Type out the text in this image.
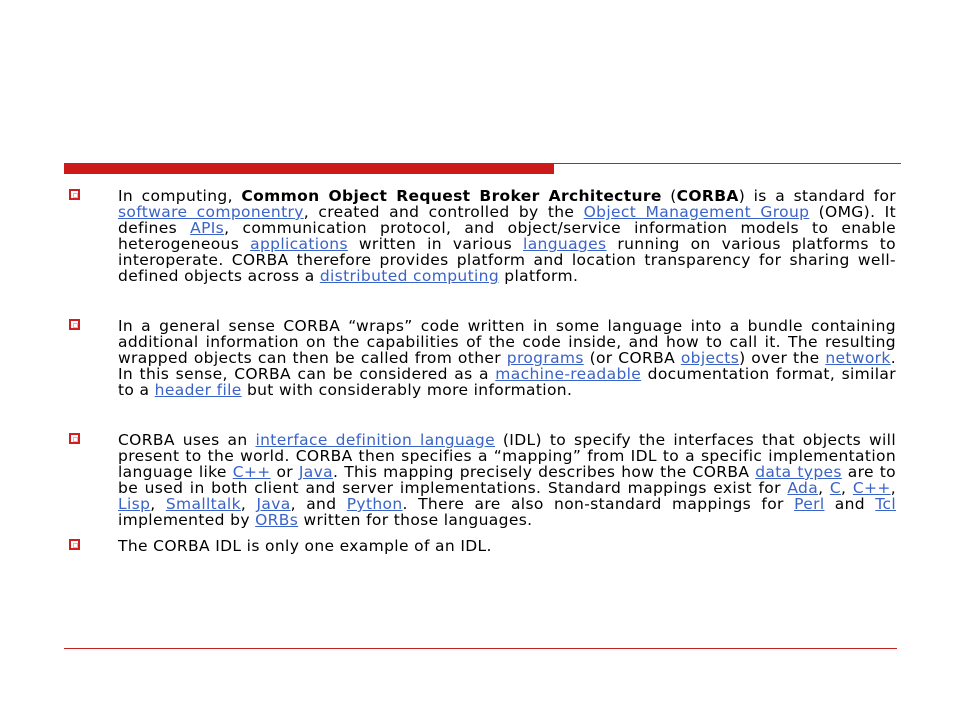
In computing, Common Object Request Broker Architecture (CORBA) is a standard for software componentry, created and controlled by the Object Management Group (OMG). It defines APIs, communication protocol, and object/service information models to enable heterogeneous applications written in various languages running on various platforms to interoperate. CORBA therefore provides platform and location transparency for sharing well-defined objects across a distributed computing platform.
In a general sense CORBA “wraps” code written in some language into a bundle containing additional information on the capabilities of the code inside, and how to call it. The resulting wrapped objects can then be called from other programs (or CORBA objects) over the network. In this sense, CORBA can be considered as a machine-readable documentation format, similar to a header file but with considerably more information.
CORBA uses an interface definition language (IDL) to specify the interfaces that objects will present to the world. CORBA then specifies a “mapping” from IDL to a specific implementation language like C++ or Java. This mapping precisely describes how the CORBA data types are to be used in both client and server implementations. Standard mappings exist for Ada, C, C++, Lisp, Smalltalk, Java, and Python. There are also non-standard mappings for Perl and Tcl implemented by ORBs written for those languages.
The CORBA IDL is only one example of an IDL.
